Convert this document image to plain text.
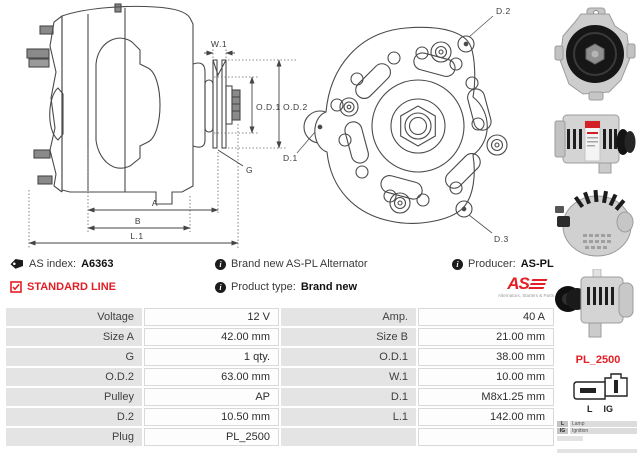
W.1
O.D.1 O.D.2
G
A
B
L.1
D.2
D.3
D.1
AS index: A6363
STANDARD LINE
i Brand new AS-PL Alternator
i Product type: Brand new
i Producer: AS-PL
AS
Alternators, Starters & Parts
Voltage	12 V	Amp.	40 A
Size A	42.00 mm	Size B	21.00 mm
G	1 qty.	O.D.1	38.00 mm
O.D.2	63.00 mm	W.1	10.00 mm
Pulley	AP	D.1	M8x1.25 mm
D.2	10.50 mm	L.1	142.00 mm
Plug	PL_2500
PL_2500
L IG
L	Lamp
IG	Ignition
